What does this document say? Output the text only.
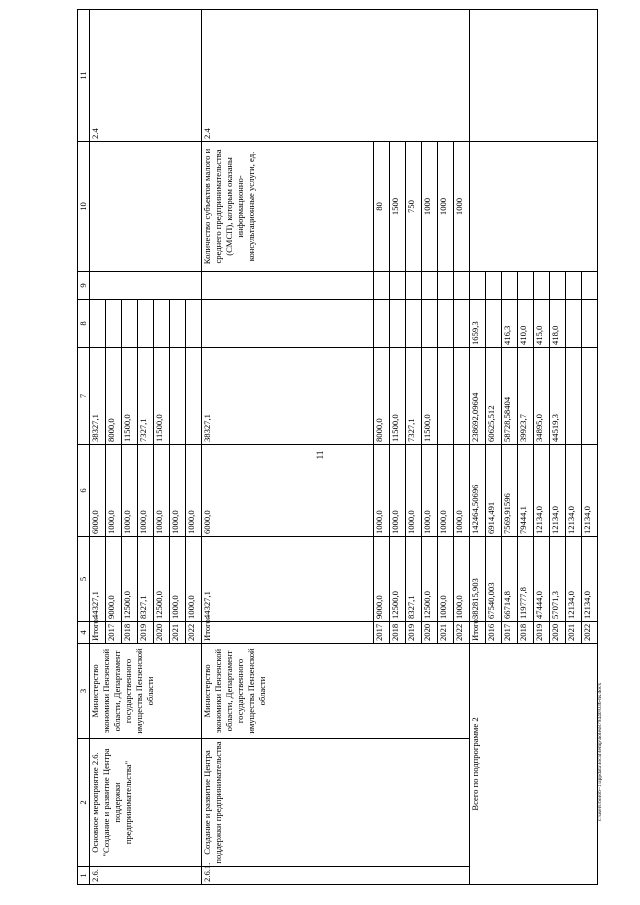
11
c:\users\borob~1\appdata\local\temp\notes879440\036-ns.docx
1	2	3	4	5	6	7	8	9	10	11
2.6.	Основное мероприятие 2.6. "Создание и развитие Центра поддержки предпринимательства"	Министерство экономики Пензенской области, Департамент государственного имущества Пензенской области	Итого:	44327,1	6000,0	38327,1				2.4
			2017	9000,0	1000,0	8000,0				
			2018	12500,0	1000,0	11500,0				
			2019	8327,1	1000,0	7327,1				
			2020	12500,0	1000,0	11500,0				
			2021	1000,0	1000,0					
			2022	1000,0	1000,0					
2.6.1.	Создание и развитие Центра поддержки предпринимательства	Министерство экономики Пензенской области, Департамент государственного имущества Пензенской области	Итого:	44327,1	6000,0	38327,1			Количество субъектов малого и среднего предпринимательства (СМСП), которым оказаны информационно-консультационные услуги, ед.	2.4
			2017	9000,0	1000,0	8000,0			80	
			2018	12500,0	1000,0	11500,0			1500	
			2019	8327,1	1000,0	7327,1			750	
			2020	12500,0	1000,0	11500,0			1000	
			2021	1000,0	1000,0				1000	
			2022	1000,0	1000,0				1000	
Всего по подпрограмме 2			Итого:	382815,903	142464,50696	238692,09604	1659,3			
			2016	67540,003	6914,491	60625,512				
			2017	66714,8	7569,91596	58728,58404	416,3			
			2018	119777,8	79444,1	39923,7	410,0			
			2019	47444,0	12134,0	34895,0	415,0			
			2020	57071,3	12134,0	44519,3	418,0			
			2021	12134,0	12134,0					
			2022	12134,0	12134,0					
